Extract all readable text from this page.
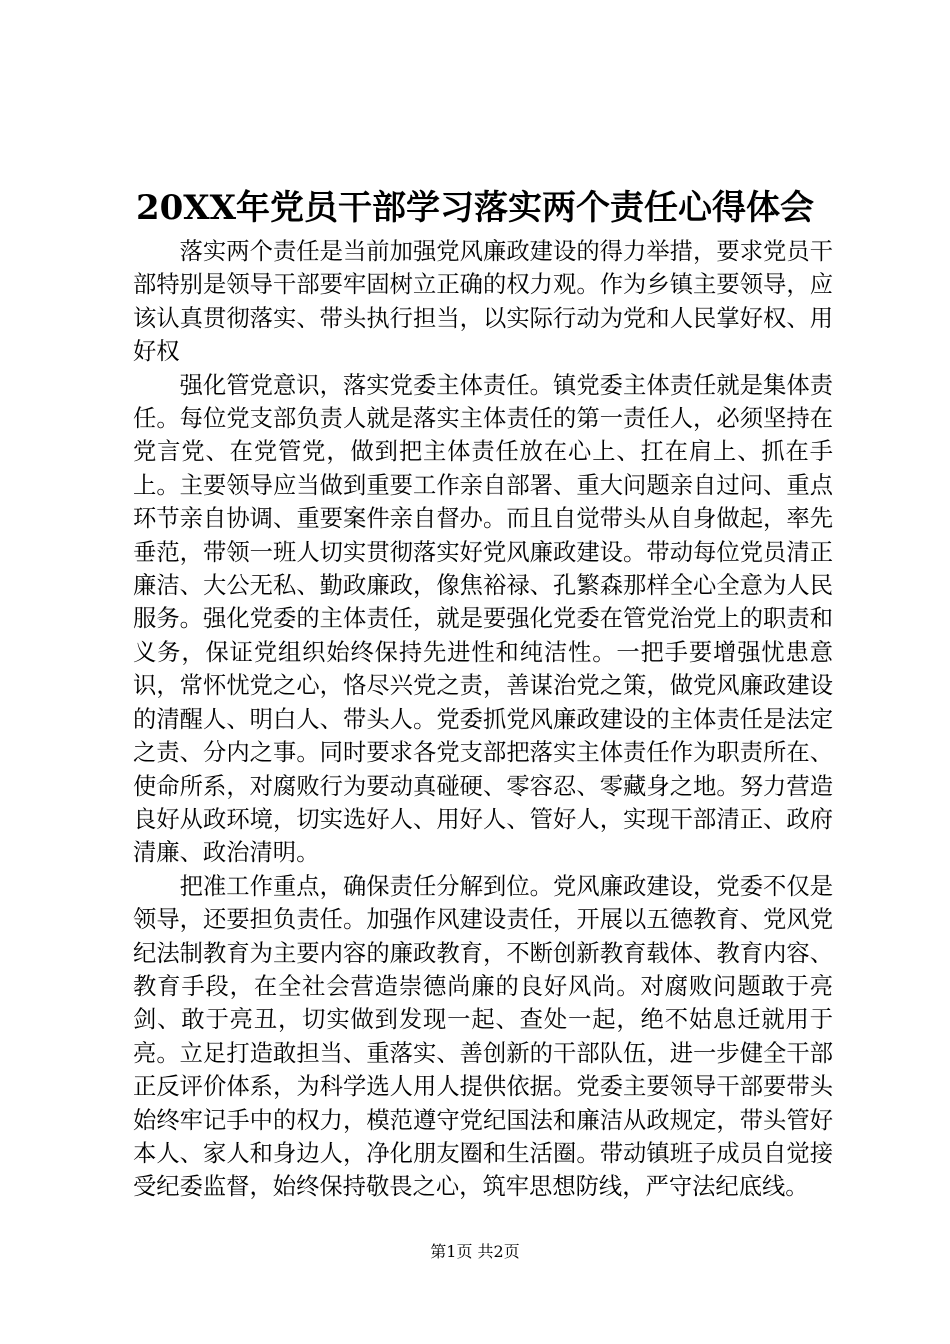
20XX年党员干部学习落实两个责任心得体会

落实两个责任是当前加强党风廉政建设的得力举措，要求党员干部特别是领导干部要牢固树立正确的权力观。作为乡镇主要领导，应该认真贯彻落实、带头执行担当，以实际行动为党和人民掌好权、用好权

强化管党意识，落实党委主体责任。镇党委主体责任就是集体责任。每位党支部负责人就是落实主体责任的第一责任人，必须坚持在党言党、在党管党，做到把主体责任放在心上、扛在肩上、抓在手上。主要领导应当做到重要工作亲自部署、重大问题亲自过问、重点环节亲自协调、重要案件亲自督办。而且自觉带头从自身做起，率先垂范，带领一班人切实贯彻落实好党风廉政建设。带动每位党员清正廉洁、大公无私、勤政廉政，像焦裕禄、孔繁森那样全心全意为人民服务。强化党委的主体责任，就是要强化党委在管党治党上的职责和义务，保证党组织始终保持先进性和纯洁性。一把手要增强忧患意识，常怀忧党之心，恪尽兴党之责，善谋治党之策，做党风廉政建设的清醒人、明白人、带头人。党委抓党风廉政建设的主体责任是法定之责、分内之事。同时要求各党支部把落实主体责任作为职责所在、使命所系，对腐败行为要动真碰硬、零容忍、零藏身之地。努力营造良好从政环境，切实选好人、用好人、管好人，实现干部清正、政府清廉、政治清明。

把准工作重点，确保责任分解到位。党风廉政建设，党委不仅是领导，还要担负责任。加强作风建设责任，开展以五德教育、党风党纪法制教育为主要内容的廉政教育，不断创新教育载体、教育内容、教育手段，在全社会营造崇德尚廉的良好风尚。对腐败问题敢于亮剑、敢于亮丑，切实做到发现一起、查处一起，绝不姑息迁就用于亮。立足打造敢担当、重落实、善创新的干部队伍，进一步健全干部正反评价体系，为科学选人用人提供依据。党委主要领导干部要带头始终牢记手中的权力，模范遵守党纪国法和廉洁从政规定，带头管好本人、家人和身边人，净化朋友圈和生活圈。带动镇班子成员自觉接受纪委监督，始终保持敬畏之心，筑牢思想防线，严守法纪底线。

第1页 共2页
